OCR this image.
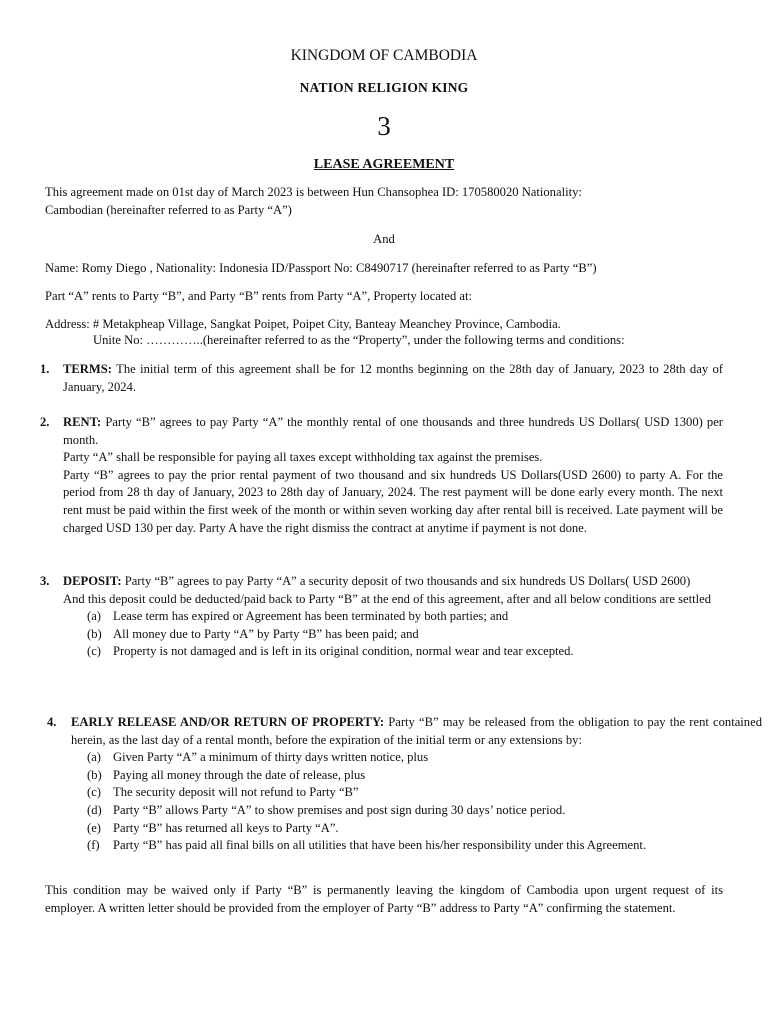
KINGDOM OF CAMBODIA
NATION RELIGION KING
3
LEASE AGREEMENT
This agreement made on 01st day of March 2023 is between Hun Chansophea ID: 170580020 Nationality:
Cambodian (hereinafter referred to as Party “A”)
And
Name: Romy Diego , Nationality: Indonesia ID/Passport No: C8490717 (hereinafter referred to as Party “B”)
Part “A” rents to Party “B”, and Party “B” rents from Party “A”, Property located at:
Address: # Metakpheap Village, Sangkat Poipet, Poipet City, Banteay Meanchey Province, Cambodia.
Unite No: …………..(hereinafter referred to as the “Property”, under the following terms and conditions:
1. TERMS: The initial term of this agreement shall be for 12 months beginning on the 28th day of January, 2023 to 28th day of January, 2024.
2. RENT: Party “B” agrees to pay Party “A” the monthly rental of one thousands and three hundreds US Dollars( USD 1300) per month.
Party “A” shall be responsible for paying all taxes except withholding tax against the premises.
Party “B” agrees to pay the prior rental payment of two thousand and six hundreds US Dollars(USD 2600) to party A. For the period from 28 th day of January, 2023 to 28th day of January, 2024. The rest payment will be done early every month. The next rent must be paid within the first week of the month or within seven working day after rental bill is received. Late payment will be charged USD 130 per day. Party A have the right dismiss the contract at anytime if payment is not done.
3. DEPOSIT: Party “B” agrees to pay Party “A” a security deposit of two thousands and six hundreds US Dollars( USD 2600)
And this deposit could be deducted/paid back to Party “B” at the end of this agreement, after and all below conditions are settled
(a) Lease term has expired or Agreement has been terminated by both parties; and
(b) All money due to Party “A” by Party “B” has been paid; and
(c) Property is not damaged and is left in its original condition, normal wear and tear excepted.
4. EARLY RELEASE AND/OR RETURN OF PROPERTY: Party “B” may be released from the obligation to pay the rent contained herein, as the last day of a rental month, before the expiration of the initial term or any extensions by:
(a) Given Party “A” a minimum of thirty days written notice, plus
(b) Paying all money through the date of release, plus
(c) The security deposit will not refund to Party “B”
(d) Party “B” allows Party “A” to show premises and post sign during 30 days’ notice period.
(e) Party “B” has returned all keys to Party “A”.
(f) Party “B” has paid all final bills on all utilities that have been his/her responsibility under this Agreement.
This condition may be waived only if Party “B” is permanently leaving the kingdom of Cambodia upon urgent request of its employer. A written letter should be provided from the employer of Party “B” address to Party “A” confirming the statement.
